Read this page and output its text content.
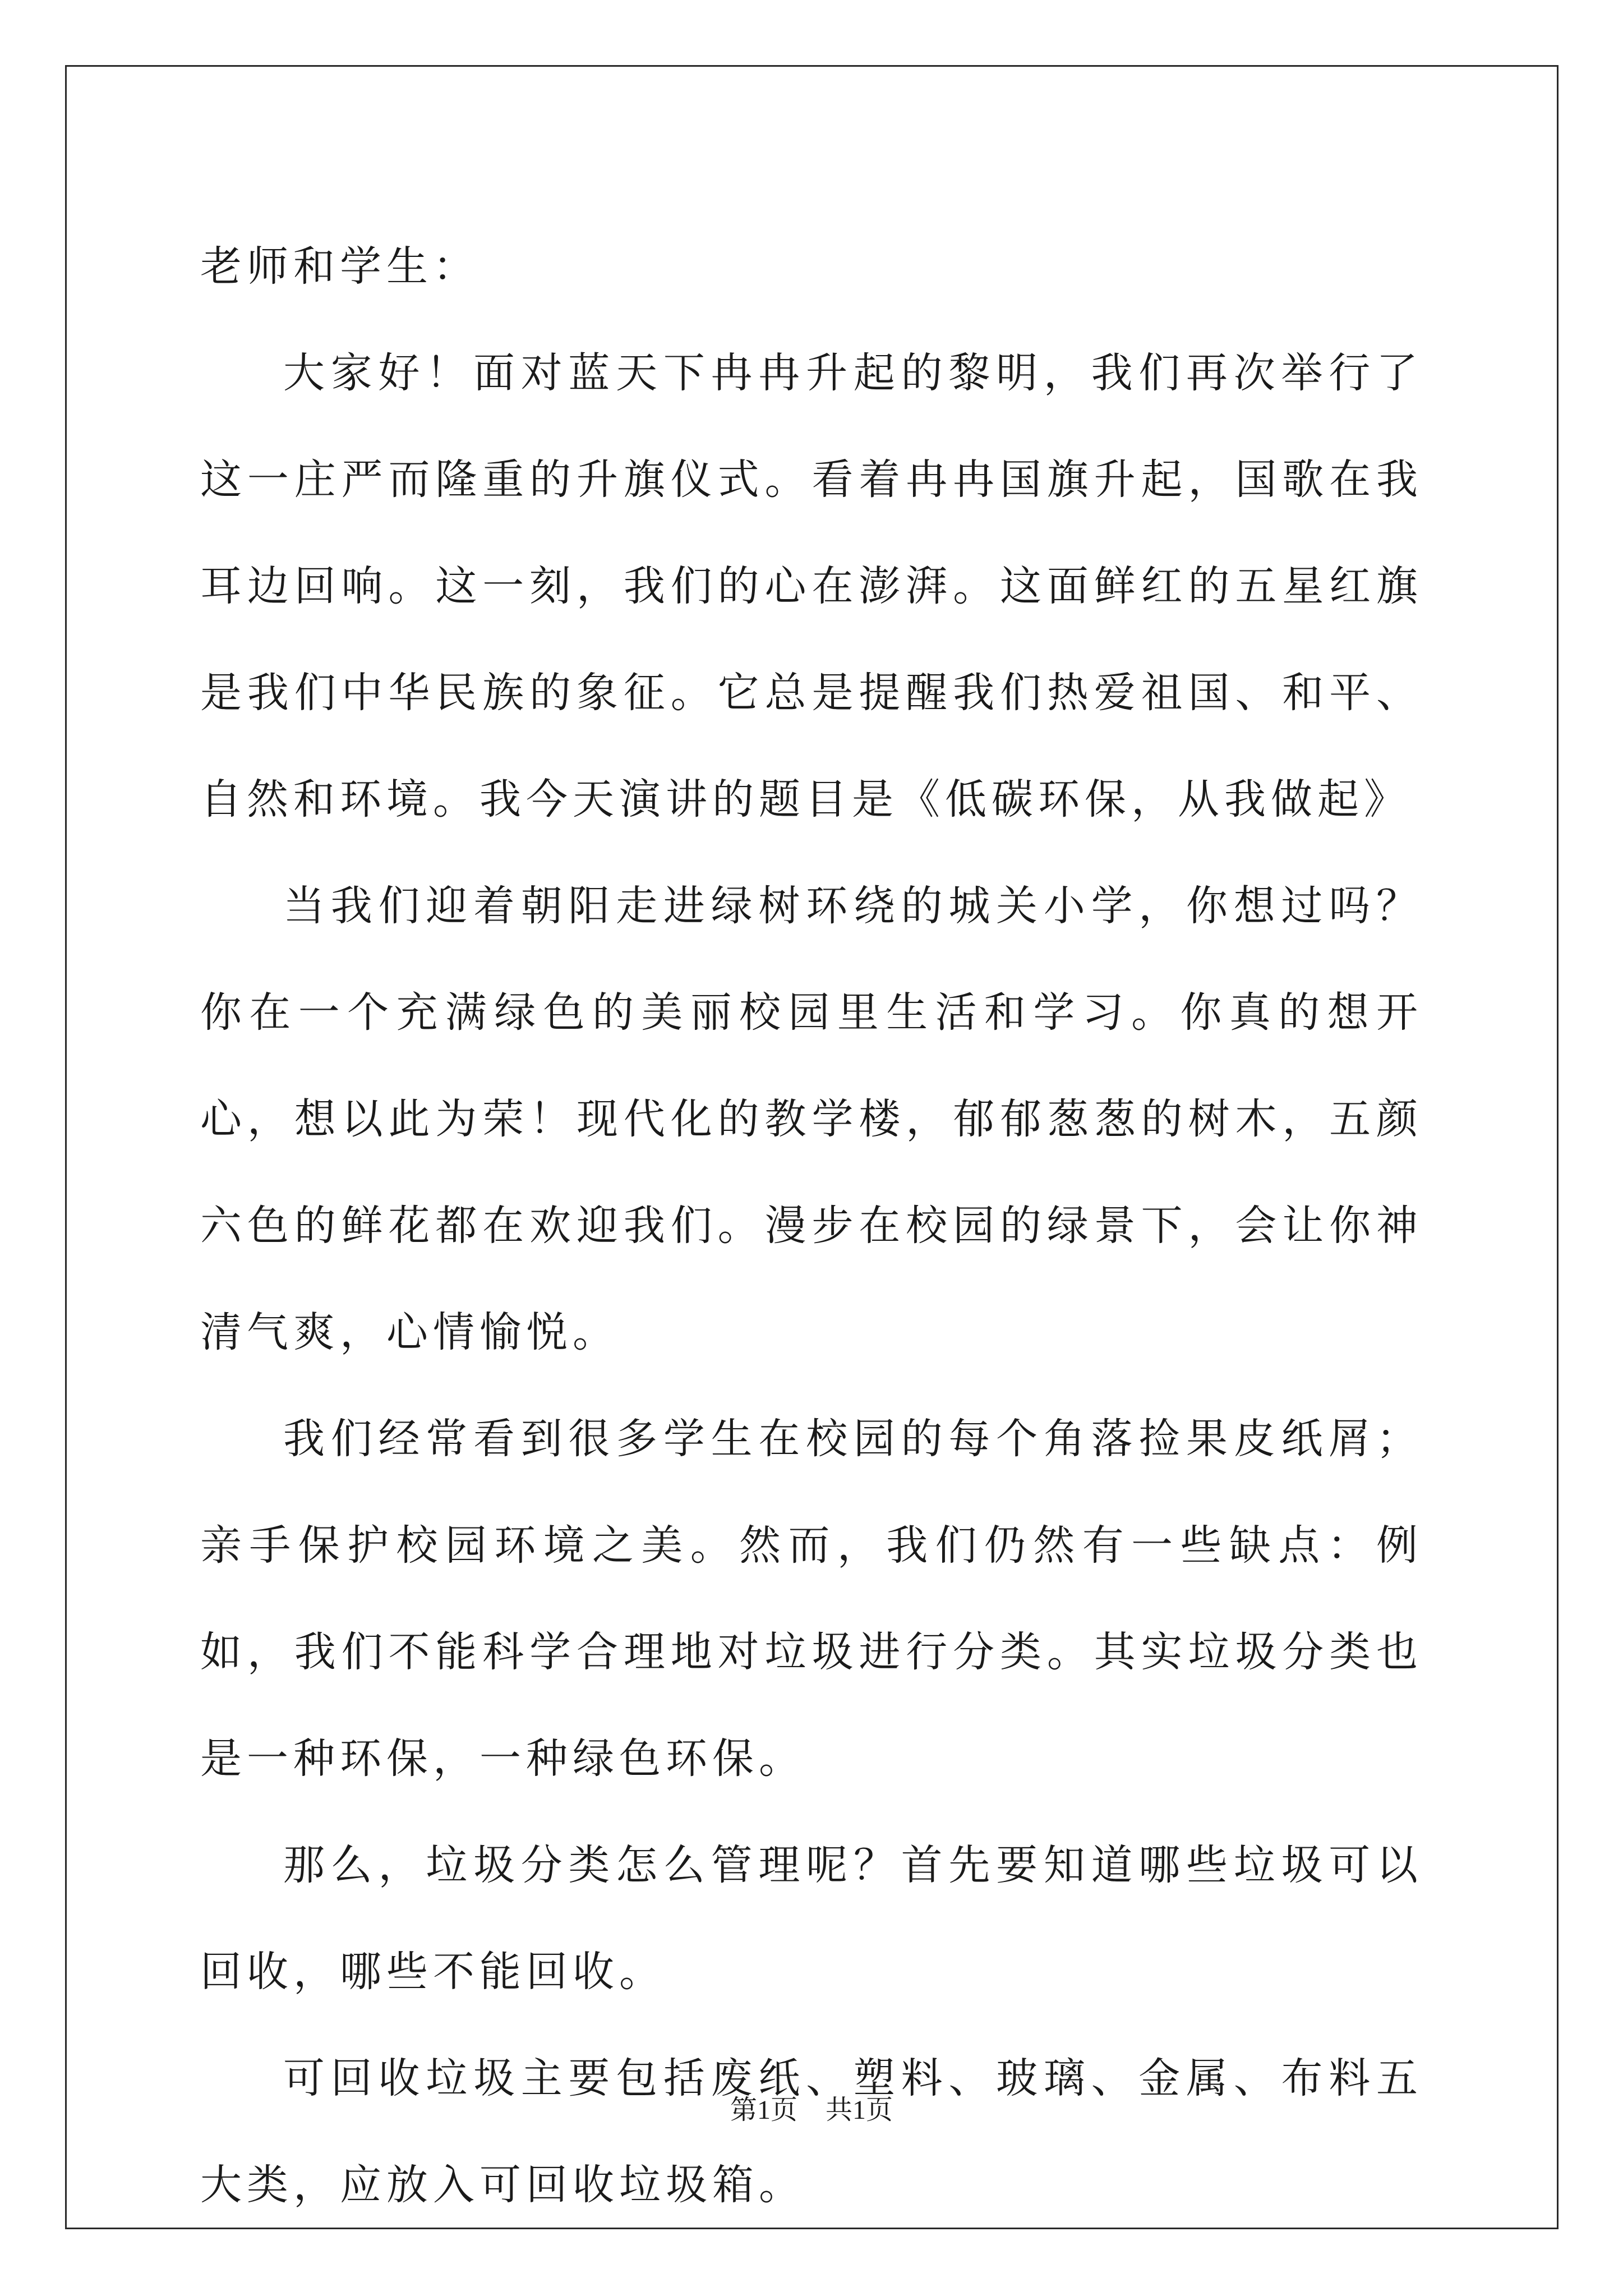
老师和学生：

大家好！面对蓝天下冉冉升起的黎明，我们再次举行了这一庄严而隆重的升旗仪式。看着冉冉国旗升起，国歌在我耳边回响。这一刻，我们的心在澎湃。这面鲜红的五星红旗是我们中华民族的象征。它总是提醒我们热爱祖国、和平、自然和环境。我今天演讲的题目是《低碳环保，从我做起》

当我们迎着朝阳走进绿树环绕的城关小学，你想过吗？你在一个充满绿色的美丽校园里生活和学习。你真的想开心，想以此为荣！现代化的教学楼，郁郁葱葱的树木，五颜六色的鲜花都在欢迎我们。漫步在校园的绿景下，会让你神清气爽，心情愉悦。

我们经常看到很多学生在校园的每个角落捡果皮纸屑；亲手保护校园环境之美。然而，我们仍然有一些缺点：例如，我们不能科学合理地对垃圾进行分类。其实垃圾分类也是一种环保，一种绿色环保。

那么，垃圾分类怎么管理呢？首先要知道哪些垃圾可以回收，哪些不能回收。

可回收垃圾主要包括废纸、塑料、玻璃、金属、布料五大类，应放入可回收垃圾箱。

第1页 共1页
